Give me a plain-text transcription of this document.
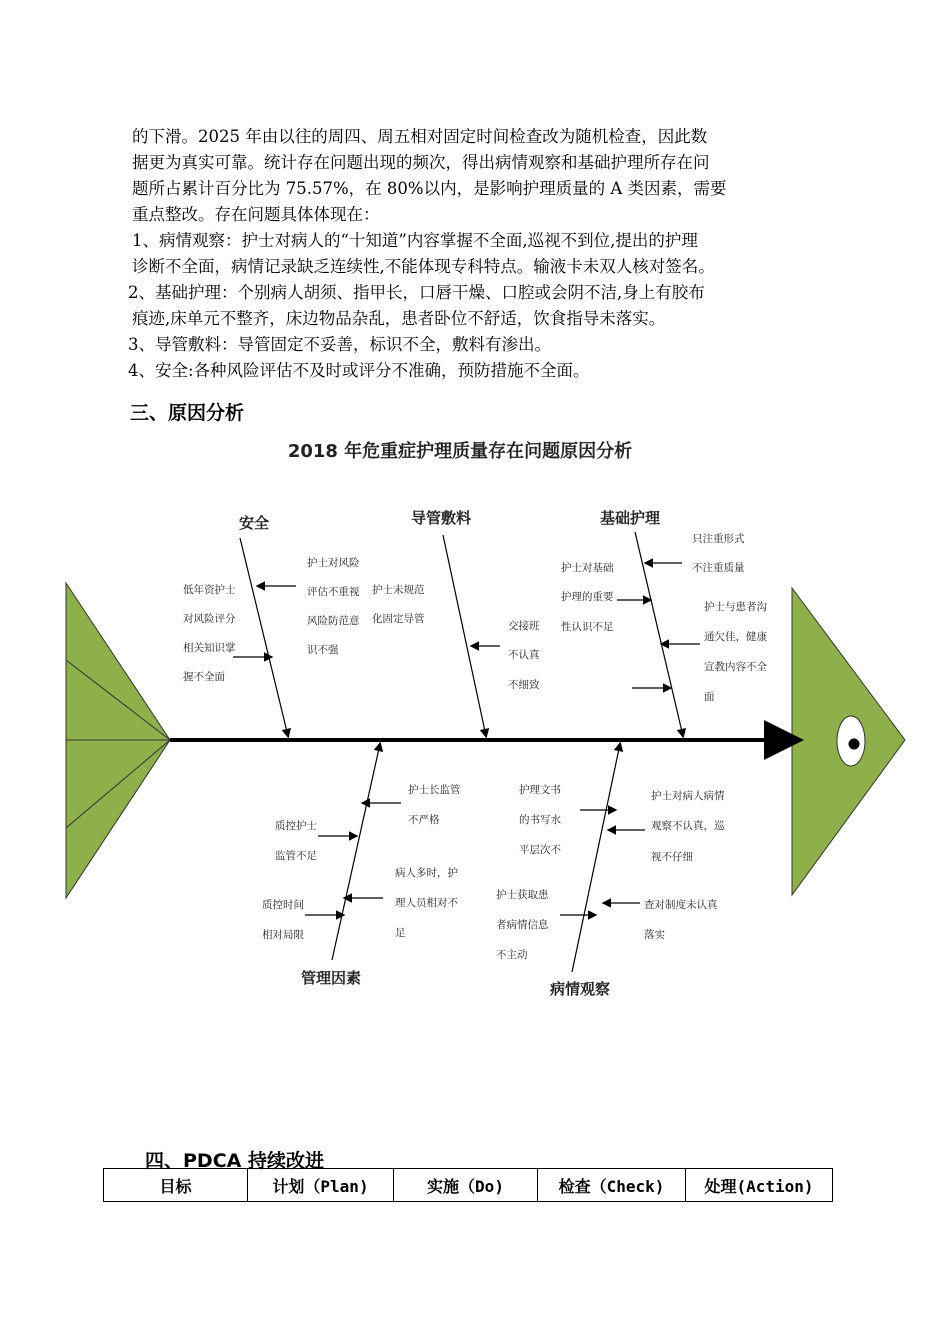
的下滑。2025 年由以往的周四、周五相对固定时间检查改为随机检查，因此数

据更为真实可靠。统计存在问题出现的频次，得出病情观察和基础护理所存在问

题所占累计百分比为 75.57%，在 80%以内，是影响护理质量的 A 类因素，需要

重点整改。存在问题具体体现在：

1、病情观察：护士对病人的“十知道”内容掌握不全面,巡视不到位,提出的护理

诊断不全面，病情记录缺乏连续性,不能体现专科特点。输液卡未双人核对签名。

2、基础护理：个别病人胡须、指甲长，口唇干燥、口腔或会阴不洁,身上有胶布

痕迹,床单元不整齐，床边物品杂乱，患者卧位不舒适，饮食指导未落实。

3、导管敷料：导管固定不妥善，标识不全，敷料有渗出。

4、安全:各种风险评估不及时或评分不准确，预防措施不全面。

三、原因分析
2018 年危重症护理质量存在问题原因分析
安全	导管敷料	基础护理
管理因素
病情观察
低年资护士 对风险评分 相关知识掌 握不全面
护士对风险 评估不重视 风险防范意 识不强
护士未规范 化固定导管
交接班 不认真 不细致
护士对基础 护理的重要 性认识不足
只注重形式 不注重质量
护士与患者沟 通欠佳，健康 宣教内容不全 面
护士长监管 不严格
质控护士 监管不足
病人多时，护 理人员相对不 足
质控时间 相对局限
护理文书 的书写水 平层次不
护士对病人病情 观察不认真，巡 视不仔细
护士获取患 者病情信息 不主动
查对制度未认真 落实
四、PDCA 持续改进
目标	计划（Plan)	实施（Do)	检查（Check)	处理(Action)
